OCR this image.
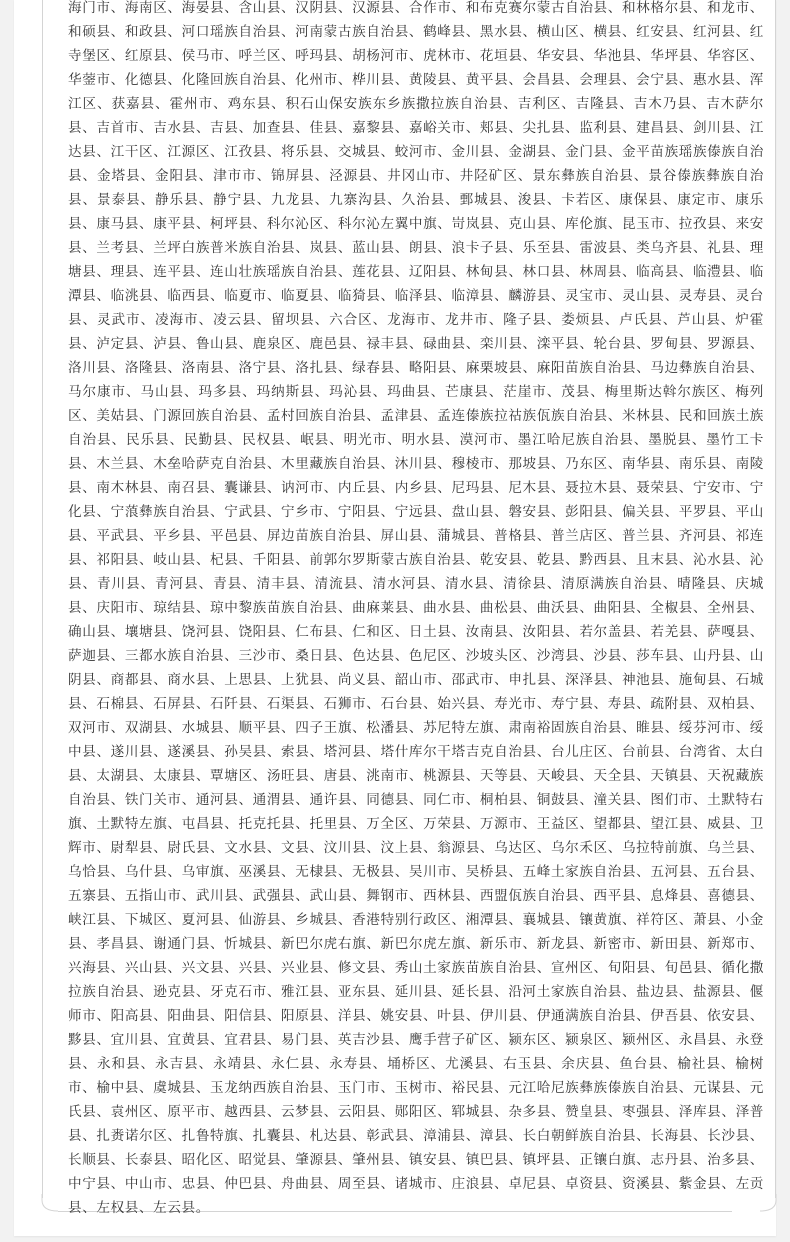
海门市、海南区、海晏县、含山县、汉阴县、汉源县、合作市、和布克赛尔蒙古自治县、和林格尔县、和龙市、和硕县、和政县、河口瑶族自治县、河南蒙古族自治县、鹤峰县、黑水县、横山区、横县、红安县、红河县、红寺堡区、红原县、侯马市、呼兰区、呼玛县、胡杨河市、虎林市、花垣县、华安县、华池县、华坪县、华容区、华蓥市、化德县、化隆回族自治县、化州市、桦川县、黄陵县、黄平县、会昌县、会理县、会宁县、惠水县、浑江区、获嘉县、霍州市、鸡东县、积石山保安族东乡族撒拉族自治县、吉利区、吉隆县、吉木乃县、吉木萨尔县、吉首市、吉水县、吉县、加查县、佳县、嘉黎县、嘉峪关市、郏县、尖扎县、监利县、建昌县、剑川县、江达县、江干区、江源区、江孜县、将乐县、交城县、蛟河市、金川县、金湖县、金门县、金平苗族瑶族傣族自治县、金塔县、金阳县、津市市、锦屏县、泾源县、井冈山市、井陉矿区、景东彝族自治县、景谷傣族彝族自治县、景泰县、静乐县、静宁县、九龙县、九寨沟县、久治县、鄄城县、浚县、卡若区、康保县、康定市、康乐县、康马县、康平县、柯坪县、科尔沁区、科尔沁左翼中旗、岢岚县、克山县、库伦旗、昆玉市、拉孜县、来安县、兰考县、兰坪白族普米族自治县、岚县、蓝山县、朗县、浪卡子县、乐至县、雷波县、类乌齐县、礼县、理塘县、理县、连平县、连山壮族瑶族自治县、莲花县、辽阳县、林甸县、林口县、林周县、临高县、临澧县、临潭县、临洮县、临西县、临夏市、临夏县、临猗县、临泽县、临漳县、麟游县、灵宝市、灵山县、灵寿县、灵台县、灵武市、凌海市、凌云县、留坝县、六合区、龙海市、龙井市、隆子县、娄烦县、卢氏县、芦山县、炉霍县、泸定县、泸县、鲁山县、鹿泉区、鹿邑县、禄丰县、碌曲县、栾川县、滦平县、轮台县、罗甸县、罗源县、洛川县、洛隆县、洛南县、洛宁县、洛扎县、绿春县、略阳县、麻栗坡县、麻阳苗族自治县、马边彝族自治县、马尔康市、马山县、玛多县、玛纳斯县、玛沁县、玛曲县、芒康县、茫崖市、茂县、梅里斯达斡尔族区、梅列区、美姑县、门源回族自治县、孟村回族自治县、孟津县、孟连傣族拉祜族佤族自治县、米林县、民和回族土族自治县、民乐县、民勤县、民权县、岷县、明光市、明水县、漠河市、墨江哈尼族自治县、墨脱县、墨竹工卡县、木兰县、木垒哈萨克自治县、木里藏族自治县、沐川县、穆棱市、那坡县、乃东区、南华县、南乐县、南陵县、南木林县、南召县、囊谦县、讷河市、内丘县、内乡县、尼玛县、尼木县、聂拉木县、聂荣县、宁安市、宁化县、宁蒗彝族自治县、宁武县、宁乡市、宁阳县、宁远县、盘山县、磐安县、彭阳县、偏关县、平罗县、平山县、平武县、平乡县、平邑县、屏边苗族自治县、屏山县、蒲城县、普格县、普兰店区、普兰县、齐河县、祁连县、祁阳县、岐山县、杞县、千阳县、前郭尔罗斯蒙古族自治县、乾安县、乾县、黔西县、且末县、沁水县、沁县、青川县、青河县、青县、清丰县、清流县、清水河县、清水县、清徐县、清原满族自治县、晴隆县、庆城县、庆阳市、琼结县、琼中黎族苗族自治县、曲麻莱县、曲水县、曲松县、曲沃县、曲阳县、全椒县、全州县、确山县、壤塘县、饶河县、饶阳县、仁布县、仁和区、日土县、汝南县、汝阳县、若尔盖县、若羌县、萨嘎县、萨迦县、三都水族自治县、三沙市、桑日县、色达县、色尼区、沙坡头区、沙湾县、沙县、莎车县、山丹县、山阴县、商都县、商水县、上思县、上犹县、尚义县、韶山市、邵武市、申扎县、深泽县、神池县、施甸县、石城县、石棉县、石屏县、石阡县、石渠县、石狮市、石台县、始兴县、寿光市、寿宁县、寿县、疏附县、双柏县、双河市、双湖县、水城县、顺平县、四子王旗、松潘县、苏尼特左旗、肃南裕固族自治县、睢县、绥芬河市、绥中县、遂川县、遂溪县、孙吴县、索县、塔河县、塔什库尔干塔吉克自治县、台儿庄区、台前县、台湾省、太白县、太湖县、太康县、覃塘区、汤旺县、唐县、洮南市、桃源县、天等县、天峻县、天全县、天镇县、天祝藏族自治县、铁门关市、通河县、通渭县、通许县、同德县、同仁市、桐柏县、铜鼓县、潼关县、图们市、土默特右旗、土默特左旗、屯昌县、托克托县、托里县、万全区、万荣县、万源市、王益区、望都县、望江县、威县、卫辉市、尉犁县、尉氏县、文水县、文县、汶川县、汶上县、翁源县、乌达区、乌尔禾区、乌拉特前旗、乌兰县、乌恰县、乌什县、乌审旗、巫溪县、无棣县、无极县、吴川市、吴桥县、五峰土家族自治县、五河县、五台县、五寨县、五指山市、武川县、武强县、武山县、舞钢市、西林县、西盟佤族自治县、西平县、息烽县、喜德县、峡江县、下城区、夏河县、仙游县、乡城县、香港特别行政区、湘潭县、襄城县、镶黄旗、祥符区、萧县、小金县、孝昌县、谢通门县、忻城县、新巴尔虎右旗、新巴尔虎左旗、新乐市、新龙县、新密市、新田县、新郑市、兴海县、兴山县、兴文县、兴县、兴业县、修文县、秀山土家族苗族自治县、宣州区、旬阳县、旬邑县、循化撒拉族自治县、逊克县、牙克石市、雅江县、亚东县、延川县、延长县、沿河土家族自治县、盐边县、盐源县、偃师市、阳高县、阳曲县、阳信县、阳原县、洋县、姚安县、叶县、伊川县、伊通满族自治县、伊吾县、依安县、黟县、宜川县、宜黄县、宜君县、易门县、英吉沙县、鹰手营子矿区、颍东区、颍泉区、颍州区、永昌县、永登县、永和县、永吉县、永靖县、永仁县、永寿县、埇桥区、尤溪县、右玉县、余庆县、鱼台县、榆社县、榆树市、榆中县、虞城县、玉龙纳西族自治县、玉门市、玉树市、裕民县、元江哈尼族彝族傣族自治县、元谋县、元氏县、袁州区、原平市、越西县、云梦县、云阳县、郧阳区、郓城县、杂多县、赞皇县、枣强县、泽库县、泽普县、扎赉诺尔区、扎鲁特旗、扎囊县、札达县、彰武县、漳浦县、漳县、长白朝鲜族自治县、长海县、长沙县、长顺县、长泰县、昭化区、昭觉县、肇源县、肇州县、镇安县、镇巴县、镇坪县、正镶白旗、志丹县、治多县、中宁县、中山市、忠县、仲巴县、舟曲县、周至县、诸城市、庄浪县、卓尼县、卓资县、资溪县、紫金县、左贡县、左权县、左云县。
